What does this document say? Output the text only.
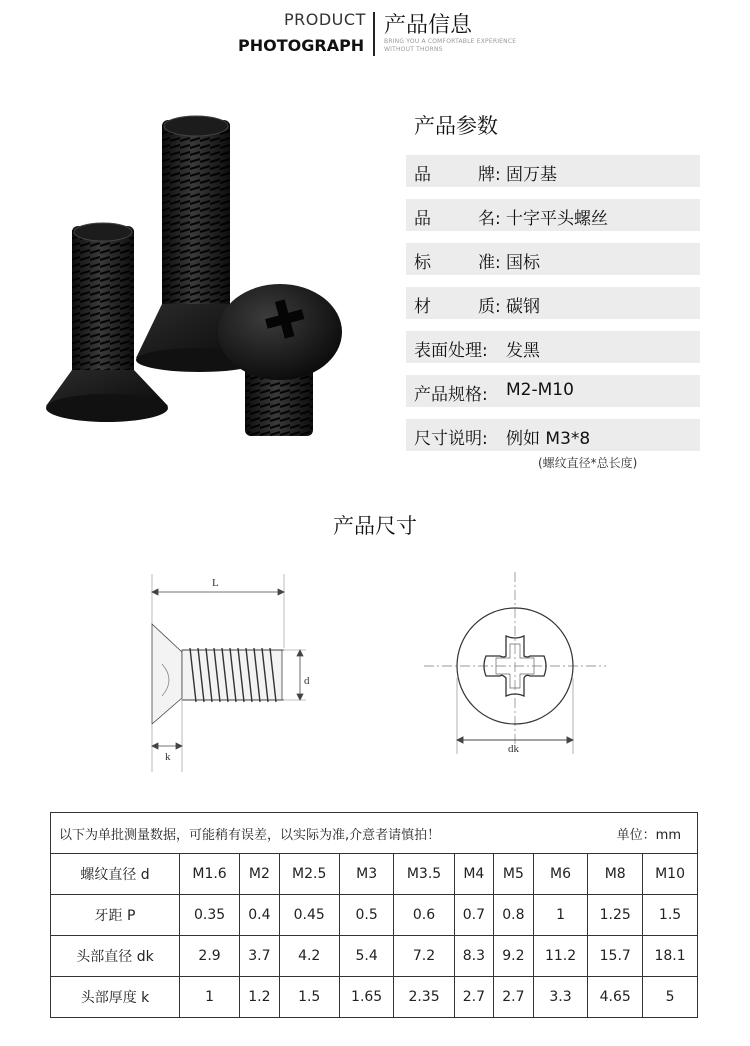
PRODUCT
PHOTOGRAPH
产品信息
BRING YOU A COMFORTABLE EXPERIENCE
WITHOUT THORNS
产品参数
品	牌: 固万基
品	名: 十字平头螺丝
标	准: 国标
材	质: 碳钢
表面处理: 发黑
产品规格: M2-M10
尺寸说明: 例如 M3*8
(螺纹直径*总长度)
产品尺寸
L
d
k
dk
以下为单批测量数据，可能稍有误差，以实际为准,介意者请慎拍！ 单位：mm										

螺纹直径 d	M1.6	M2	M2.5	M3	M3.5	M4	M5	M6	M8	M10
牙距 P	0.35	0.4	0.45	0.5	0.6	0.7	0.8	1	1.25	1.5
头部直径 dk	2.9	3.7	4.2	5.4	7.2	8.3	9.2	11.2	15.7	18.1
头部厚度 k	1	1.2	1.5	1.65	2.35	2.7	2.7	3.3	4.65	5
